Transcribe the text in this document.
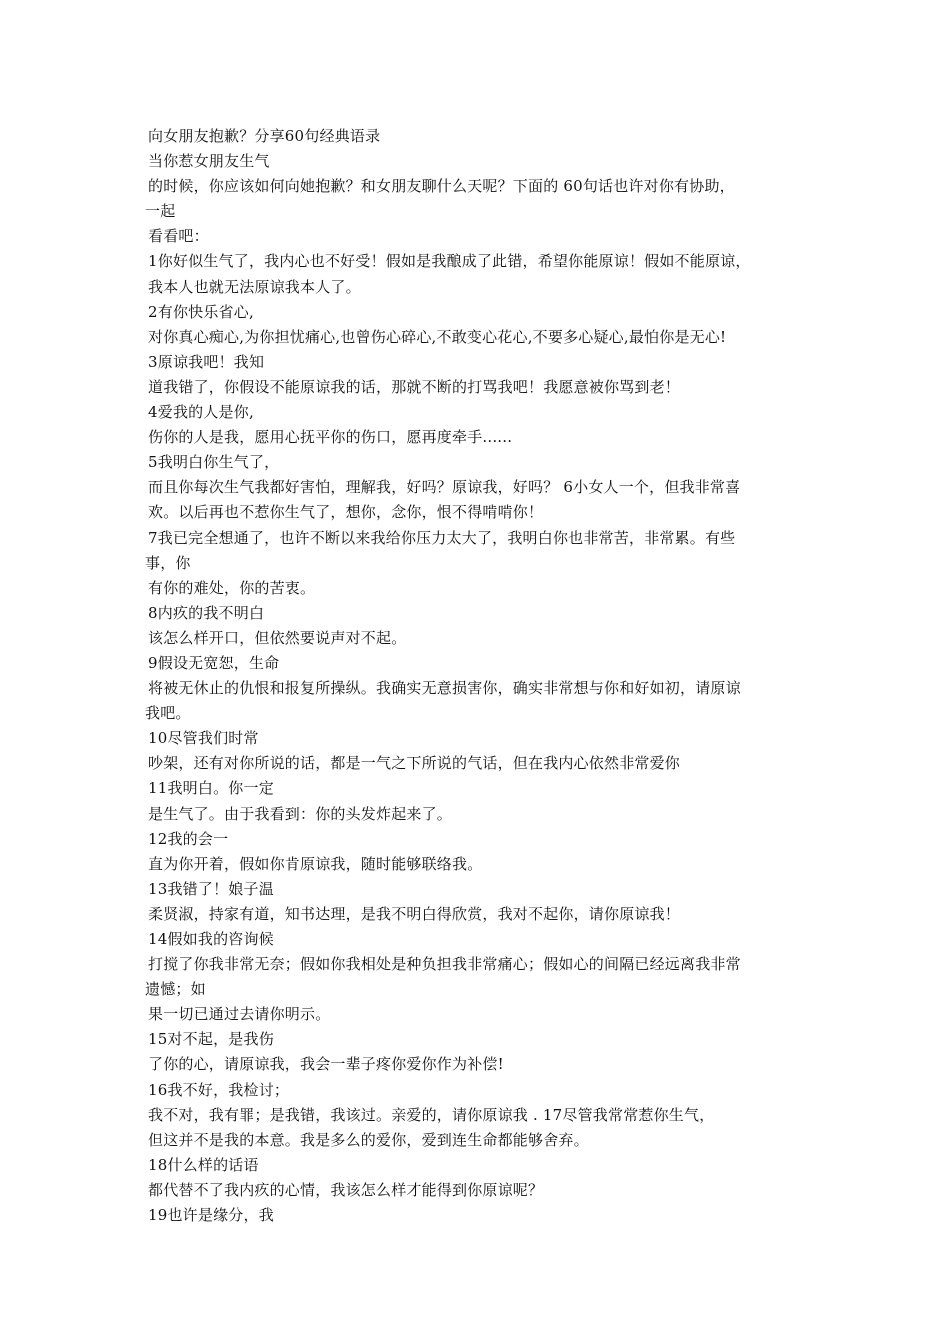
向女朋友抱歉？分享60句经典语录
当你惹女朋友生气
的时候，你应该如何向她抱歉？和女朋友聊什么天呢？下面的 60句话也许对你有协助，
一起
看看吧：
1你好似生气了，我内心也不好受！假如是我酿成了此错，希望你能原谅！假如不能原谅，
我本人也就无法原谅我本人了。
2有你快乐省心,
对你真心痴心,为你担忧痛心,也曾伤心碎心,不敢变心花心,不要多心疑心,最怕你是无心!
3原谅我吧！我知
道我错了，你假设不能原谅我的话，那就不断的打骂我吧！我愿意被你骂到老！
4爱我的人是你,
伤你的人是我，愿用心抚平你的伤口，愿再度牵手......
5我明白你生气了，
而且你每次生气我都好害怕，理解我，好吗？原谅我，好吗？ 6小女人一个，但我非常喜
欢。以后再也不惹你生气了，想你，念你，恨不得啃啃你！
7我已完全想通了，也许不断以来我给你压力太大了，我明白你也非常苦，非常累。有些
事，你
有你的难处，你的苦衷。
8内疚的我不明白
该怎么样开口，但依然要说声对不起。
9假设无宽恕，生命
将被无休止的仇恨和报复所操纵。我确实无意损害你，确实非常想与你和好如初，请原谅
我吧。
10尽管我们时常
吵架，还有对你所说的话，都是一气之下所说的气话，但在我内心依然非常爱你
11我明白。你一定
是生气了。由于我看到：你的头发炸起来了。
12我的会一
直为你开着，假如你肯原谅我，随时能够联络我。
13我错了！娘子温
柔贤淑，持家有道，知书达理，是我不明白得欣赏，我对不起你，请你原谅我！
14假如我的咨询候
打搅了你我非常无奈；假如你我相处是种负担我非常痛心；假如心的间隔已经远离我非常
遗憾；如
果一切已通过去请你明示。
15对不起，是我伤
了你的心，请原谅我，我会一辈子疼你爱你作为补偿!
16我不好，我检讨；
我不对，我有罪；是我错，我该过。亲爱的，请你原谅我 . 17尽管我常常惹你生气，
但这并不是我的本意。我是多么的爱你，爱到连生命都能够舍弃。
18什么样的话语
都代替不了我内疚的心情，我该怎么样才能得到你原谅呢？
19也许是缘分，我
